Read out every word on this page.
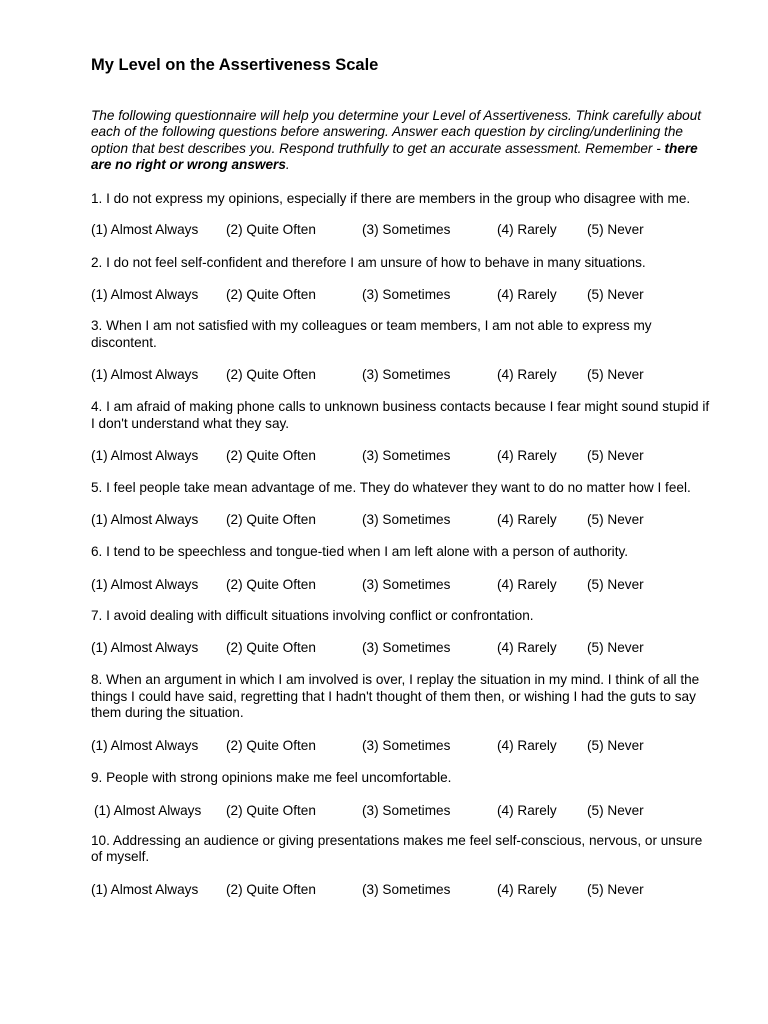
My Level on the Assertiveness Scale

The following questionnaire will help you determine your Level of Assertiveness. Think carefully about each of the following questions before answering. Answer each question by circling/underlining the option that best describes you. Respond truthfully to get an accurate assessment. Remember - there are no right or wrong answers.

1. I do not express my opinions, especially if there are members in the group who disagree with me.

(1) Almost Always (2) Quite Often	(3) Sometimes	(4) Rarely (5) Never

2. I do not feel self-confident and therefore I am unsure of how to behave in many situations.

(1) Almost Always (2) Quite Often	(3) Sometimes	(4) Rarely (5) Never

3. When I am not satisfied with my colleagues or team members, I am not able to express my discontent.

(1) Almost Always (2) Quite Often	(3) Sometimes	(4) Rarely (5) Never

4. I am afraid of making phone calls to unknown business contacts because I fear might sound stupid if I don't understand what they say.

(1) Almost Always (2) Quite Often	(3) Sometimes	(4) Rarely (5) Never

5. I feel people take mean advantage of me. They do whatever they want to do no matter how I feel.

(1) Almost Always (2) Quite Often	(3) Sometimes	(4) Rarely (5) Never

6. I tend to be speechless and tongue-tied when I am left alone with a person of authority.

(1) Almost Always (2) Quite Often	(3) Sometimes	(4) Rarely (5) Never

7. I avoid dealing with difficult situations involving conflict or confrontation.

(1) Almost Always (2) Quite Often	(3) Sometimes	(4) Rarely (5) Never

8. When an argument in which I am involved is over, I replay the situation in my mind. I think of all the things I could have said, regretting that I hadn't thought of them then, or wishing I had the guts to say them during the situation.

(1) Almost Always (2) Quite Often	(3) Sometimes	(4) Rarely (5) Never

9. People with strong opinions make me feel uncomfortable.

(1) Almost Always (2) Quite Often	(3) Sometimes	(4) Rarely (5) Never

10. Addressing an audience or giving presentations makes me feel self-conscious, nervous, or unsure of myself.

(1) Almost Always (2) Quite Often	(3) Sometimes	(4) Rarely (5) Never
